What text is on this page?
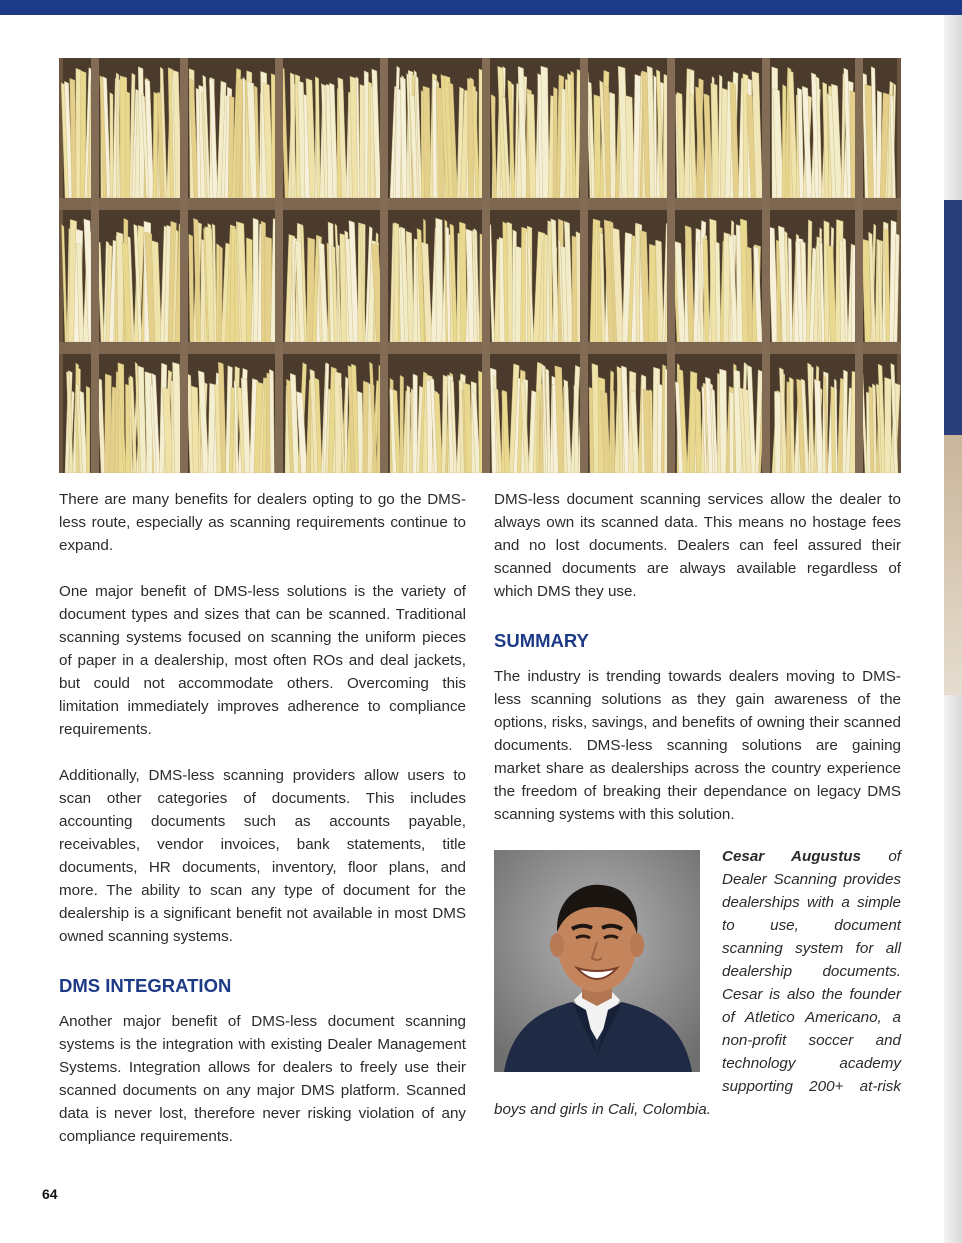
There are many benefits for dealers opting to go the DMS-less route, especially as scanning requirements continue to expand.

One major benefit of DMS-less solutions is the variety of document types and sizes that can be scanned. Traditional scanning systems focused on scanning the uniform pieces of paper in a dealership, most often ROs and deal jackets, but could not accommodate others. Overcoming this limitation immediately improves adherence to compliance requirements.

Additionally, DMS-less scanning providers allow users to scan other categories of documents. This includes accounting documents such as accounts payable, receivables, vendor invoices, bank statements, title documents, HR documents, inventory, floor plans, and more. The ability to scan any type of document for the dealership is a significant benefit not available in most DMS owned scanning systems.

DMS INTEGRATION

Another major benefit of DMS-less document scanning systems is the integration with existing Dealer Management Systems. Integration allows for dealers to freely use their scanned documents on any major DMS platform. Scanned data is never lost, therefore never risking violation of any compliance requirements.

DMS-less document scanning services allow the dealer to always own its scanned data. This means no hostage fees and no lost documents. Dealers can feel assured their scanned documents are always available regardless of which DMS they use.

SUMMARY

The industry is trending towards dealers moving to DMS-less scanning solutions as they gain awareness of the options, risks, savings, and benefits of owning their scanned documents. DMS-less scanning solutions are gaining market share as dealerships across the country experience the freedom of breaking their dependance on legacy DMS scanning systems with this solution.

Cesar Augustus of Dealer Scanning provides dealerships with a simple to use, document scanning system for all dealership documents. Cesar is also the founder of Atletico Americano, a non-profit soccer and technology academy supporting 200+ at-risk boys and girls in Cali, Colombia.
64
